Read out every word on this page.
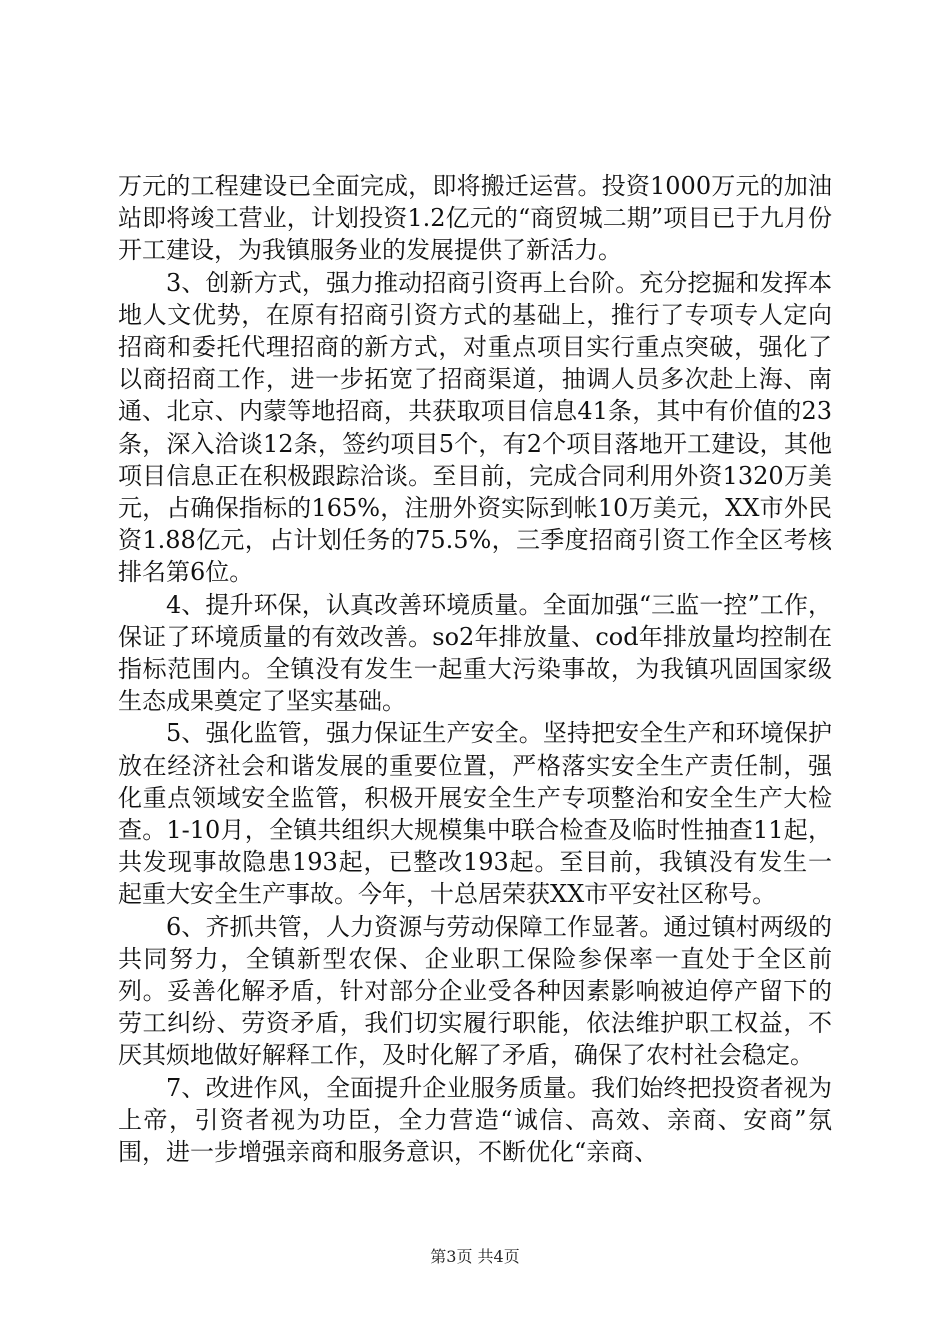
万元的工程建设已全面完成，即将搬迁运营。投资1000万元的加油站即将竣工营业，计划投资1.2亿元的“商贸城二期”项目已于九月份开工建设，为我镇服务业的发展提供了新活力。

3、创新方式，强力推动招商引资再上台阶。充分挖掘和发挥本地人文优势，在原有招商引资方式的基础上，推行了专项专人定向招商和委托代理招商的新方式，对重点项目实行重点突破，强化了以商招商工作，进一步拓宽了招商渠道，抽调人员多次赴上海、南通、北京、内蒙等地招商，共获取项目信息41条，其中有价值的23条，深入洽谈12条，签约项目5个，有2个项目落地开工建设，其他项目信息正在积极跟踪洽谈。至目前，完成合同利用外资1320万美元，占确保指标的165%，注册外资实际到帐10万美元，XX市外民资1.88亿元，占计划任务的75.5%，三季度招商引资工作全区考核排名第6位。

4、提升环保，认真改善环境质量。全面加强“三监一控”工作，保证了环境质量的有效改善。so2年排放量、cod年排放量均控制在指标范围内。全镇没有发生一起重大污染事故，为我镇巩固国家级生态成果奠定了坚实基础。

5、强化监管，强力保证生产安全。坚持把安全生产和环境保护放在经济社会和谐发展的重要位置，严格落实安全生产责任制，强化重点领域安全监管，积极开展安全生产专项整治和安全生产大检查。1-10月，全镇共组织大规模集中联合检查及临时性抽查11起，共发现事故隐患193起，已整改193起。至目前，我镇没有发生一起重大安全生产事故。今年，十总居荣获XX市平安社区称号。

6、齐抓共管，人力资源与劳动保障工作显著。通过镇村两级的共同努力，全镇新型农保、企业职工保险参保率一直处于全区前列。妥善化解矛盾，针对部分企业受各种因素影响被迫停产留下的劳工纠纷、劳资矛盾，我们切实履行职能，依法维护职工权益，不厌其烦地做好解释工作，及时化解了矛盾，确保了农村社会稳定。

7、改进作风，全面提升企业服务质量。我们始终把投资者视为上帝，引资者视为功臣，全力营造“诚信、高效、亲商、安商”氛围，进一步增强亲商和服务意识，不断优化“亲商、

第3页 共4页
